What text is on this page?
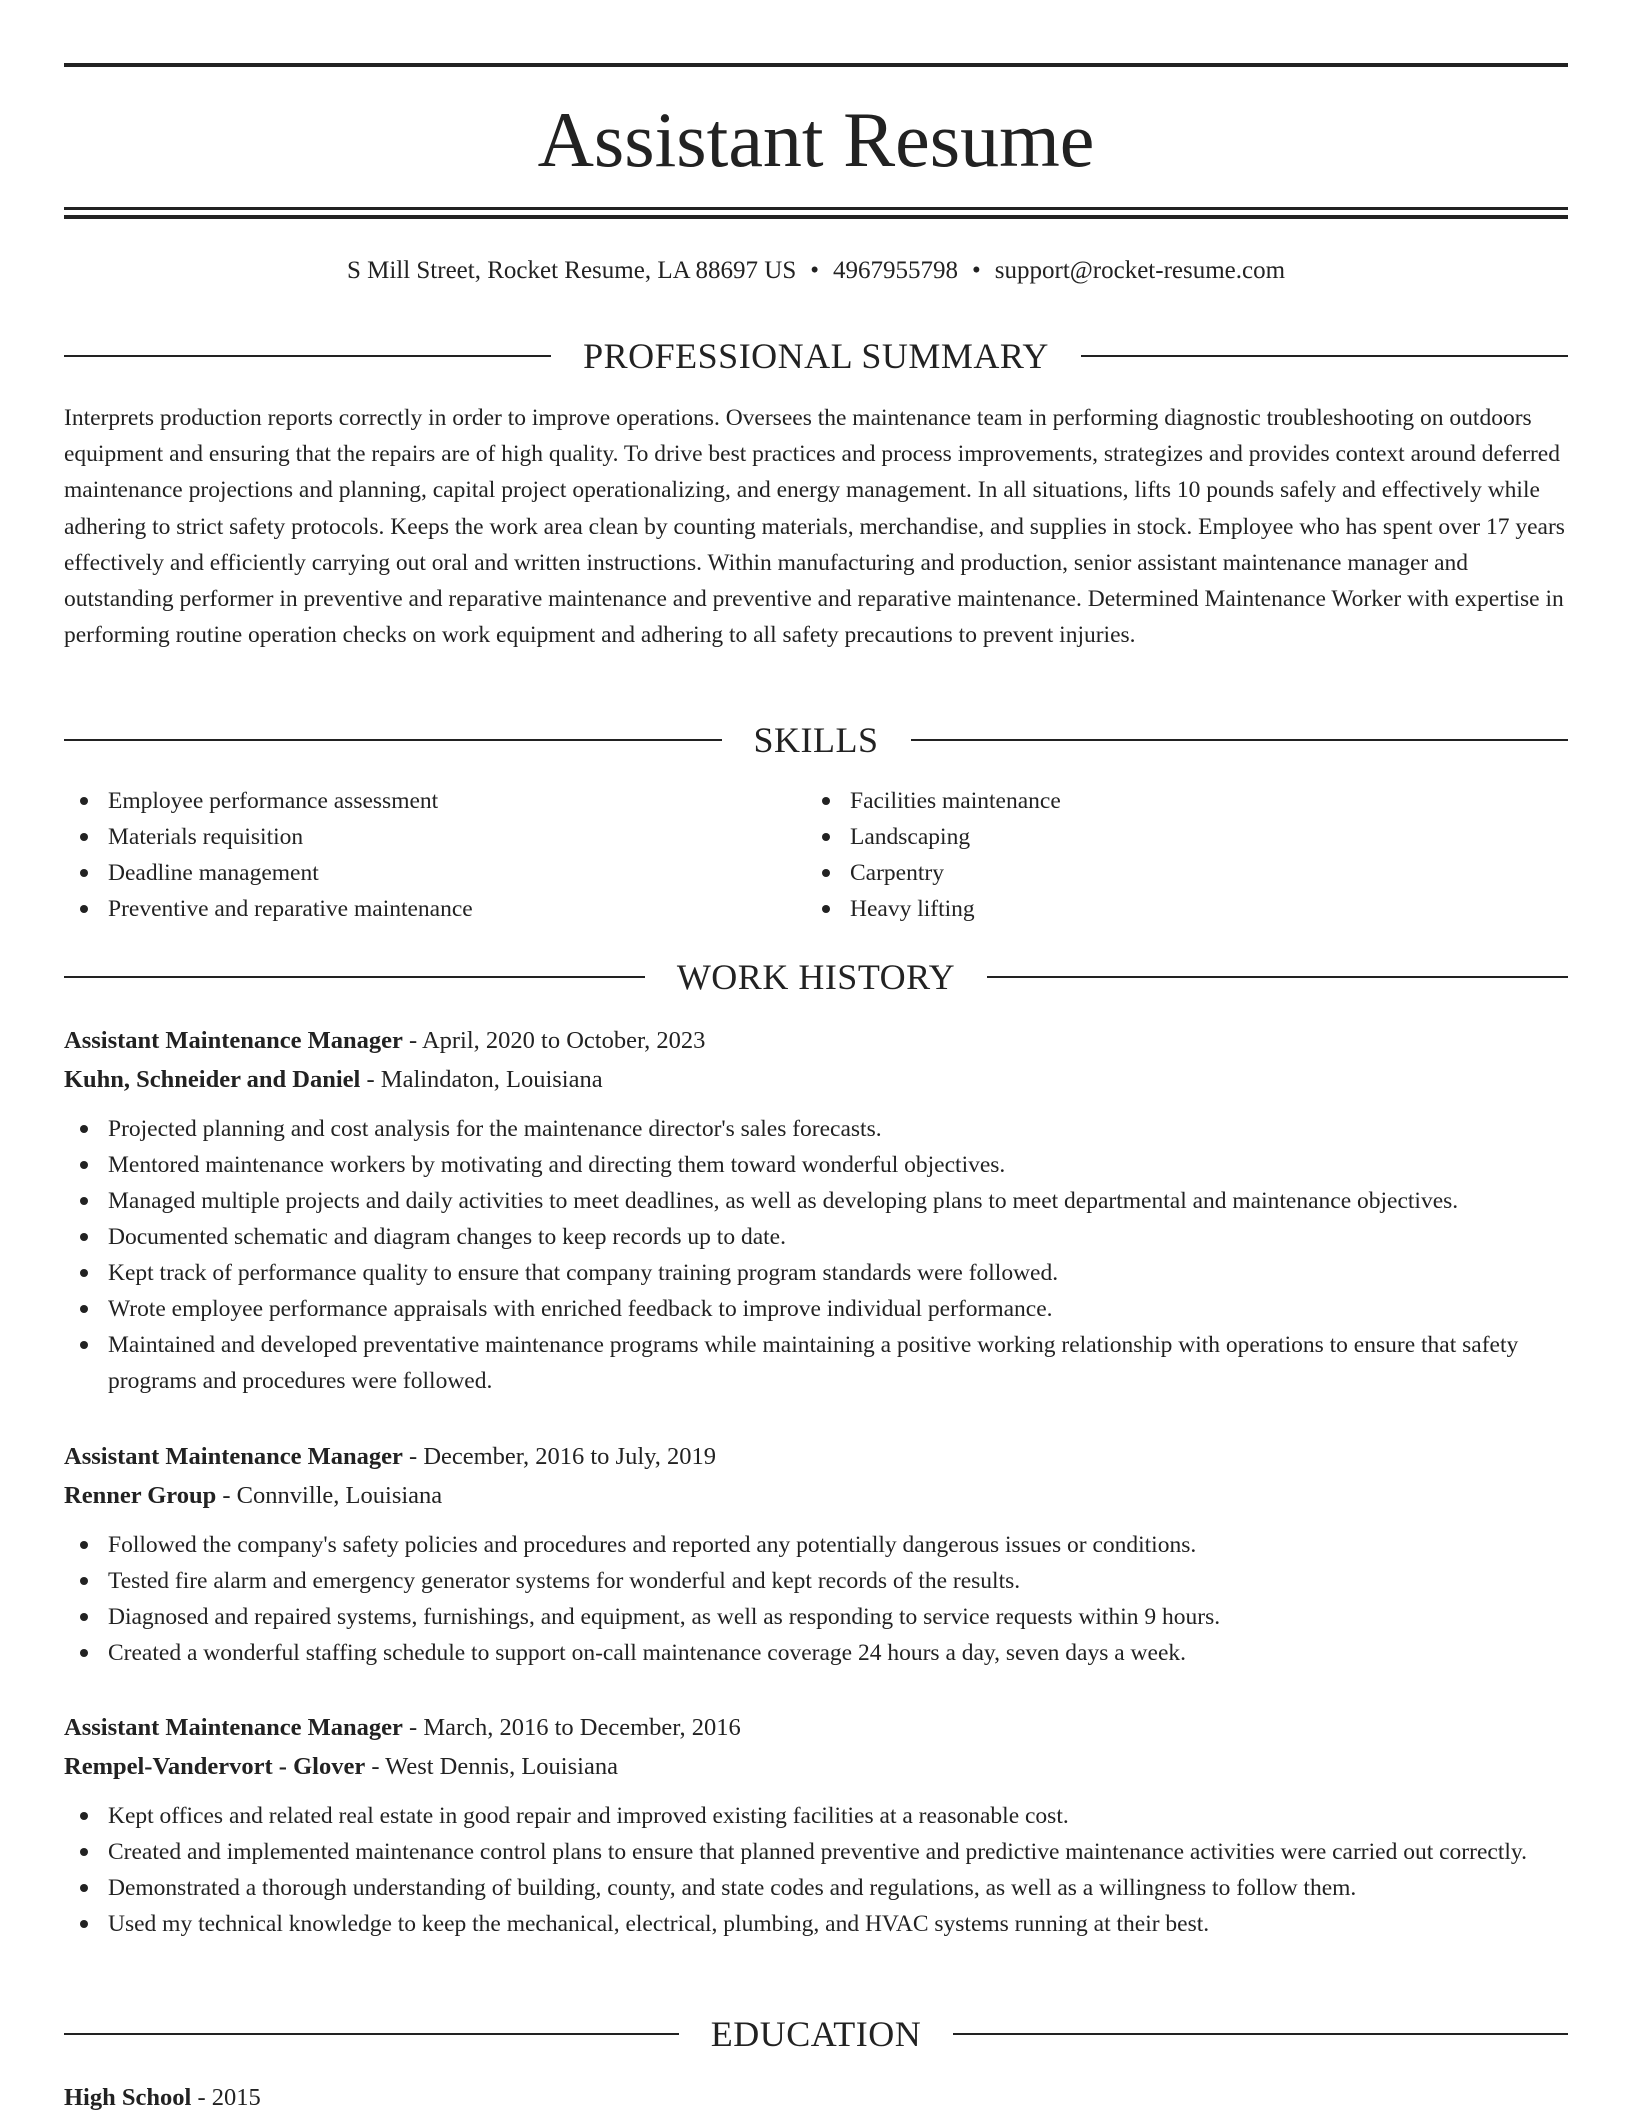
Assistant Resume
S Mill Street, Rocket Resume, LA 88697 US • 4967955798 • support@rocket-resume.com
PROFESSIONAL SUMMARY

Interprets production reports correctly in order to improve operations. Oversees the maintenance team in performing diagnostic troubleshooting on outdoors equipment and ensuring that the repairs are of high quality. To drive best practices and process improvements, strategizes and provides context around deferred maintenance projections and planning, capital project operationalizing, and energy management. In all situations, lifts 10 pounds safely and effectively while adhering to strict safety protocols. Keeps the work area clean by counting materials, merchandise, and supplies in stock. Employee who has spent over 17 years effectively and efficiently carrying out oral and written instructions. Within manufacturing and production, senior assistant maintenance manager and outstanding performer in preventive and reparative maintenance and preventive and reparative maintenance. Determined Maintenance Worker with expertise in performing routine operation checks on work equipment and adhering to all safety precautions to prevent injuries.

SKILLS
Employee performance assessment
Materials requisition
Deadline management
Preventive and reparative maintenance
Facilities maintenance
Landscaping
Carpentry
Heavy lifting
WORK HISTORY
Assistant Maintenance Manager - April, 2020 to October, 2023
Kuhn, Schneider and Daniel - Malindaton, Louisiana
Projected planning and cost analysis for the maintenance director's sales forecasts.
Mentored maintenance workers by motivating and directing them toward wonderful objectives.
Managed multiple projects and daily activities to meet deadlines, as well as developing plans to meet departmental and maintenance objectives.
Documented schematic and diagram changes to keep records up to date.
Kept track of performance quality to ensure that company training program standards were followed.
Wrote employee performance appraisals with enriched feedback to improve individual performance.
Maintained and developed preventative maintenance programs while maintaining a positive working relationship with operations to ensure that safety programs and procedures were followed.
Assistant Maintenance Manager - December, 2016 to July, 2019
Renner Group - Connville, Louisiana
Followed the company's safety policies and procedures and reported any potentially dangerous issues or conditions.
Tested fire alarm and emergency generator systems for wonderful and kept records of the results.
Diagnosed and repaired systems, furnishings, and equipment, as well as responding to service requests within 9 hours.
Created a wonderful staffing schedule to support on-call maintenance coverage 24 hours a day, seven days a week.
Assistant Maintenance Manager - March, 2016 to December, 2016
Rempel-Vandervort - Glover - West Dennis, Louisiana
Kept offices and related real estate in good repair and improved existing facilities at a reasonable cost.
Created and implemented maintenance control plans to ensure that planned preventive and predictive maintenance activities were carried out correctly.
Demonstrated a thorough understanding of building, county, and state codes and regulations, as well as a willingness to follow them.
Used my technical knowledge to keep the mechanical, electrical, plumbing, and HVAC systems running at their best.
EDUCATION
High School - 2015
